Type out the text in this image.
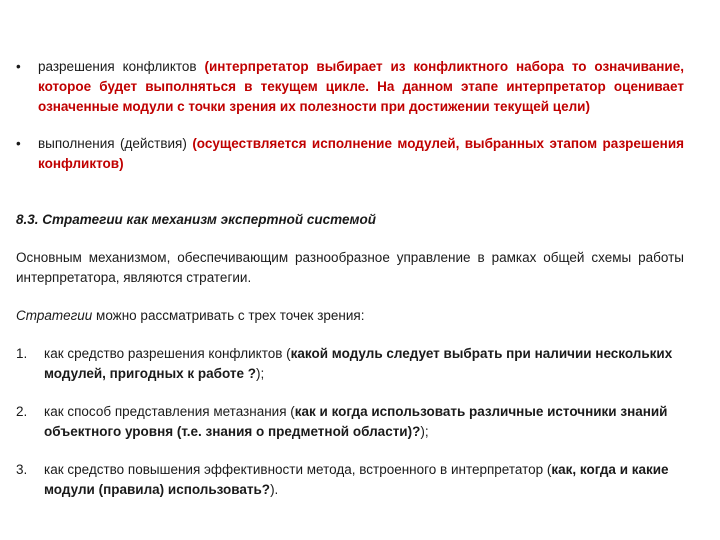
•	разрешения конфликтов (интерпретатор выбирает из конфликтного набора то означивание, которое будет выполняться в текущем цикле. На данном этапе интерпретатор оценивает означенные модули с точки зрения их полезности при достижении текущей цели)
•	выполнения (действия) (осуществляется исполнение модулей, выбранных этапом разрешения конфликтов)
8.3. Стратегии как механизм экспертной системой
Основным механизмом, обеспечивающим разнообразное управление в рамках общей схемы работы интерпретатора, являются стратегии.
Стратегии можно рассматривать с трех точек зрения:
1.	как средство разрешения конфликтов (какой модуль следует выбрать при наличии нескольких модулей, пригодных к работе ?);
2.	как способ представления метазнания (как и когда использовать различные источники знаний объектного уровня (т.е. знания о предметной области)?);
3.	как средство повышения эффективности метода, встроенного в интерпретатор (как, когда и какие модули (правила) использовать?).
